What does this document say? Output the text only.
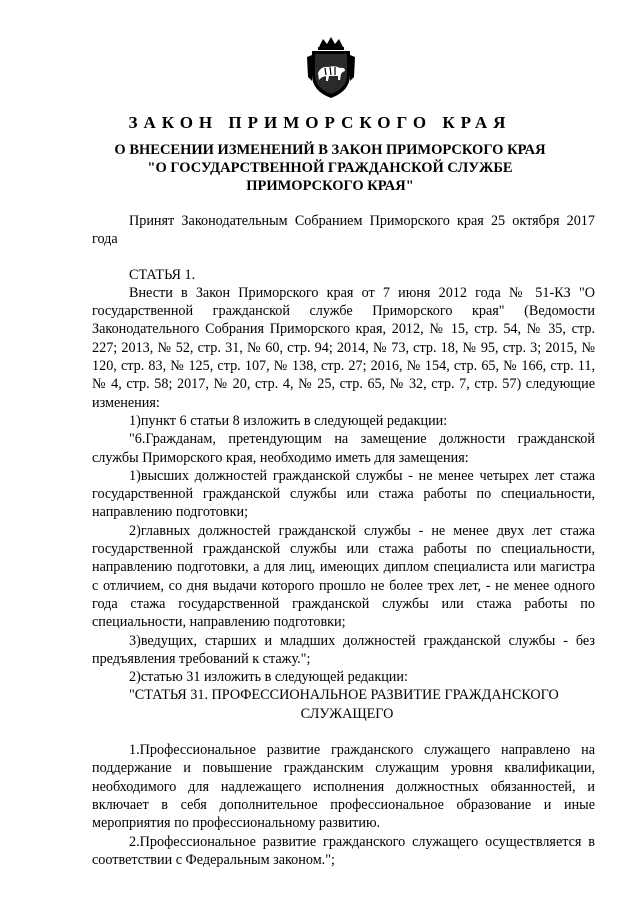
ЗАКОН ПРИМОРСКОГО КРАЯ
О ВНЕСЕНИИ ИЗМЕНЕНИЙ В ЗАКОН ПРИМОРСКОГО КРАЯ
"О ГОСУДАРСТВЕННОЙ ГРАЖДАНСКОЙ СЛУЖБЕ
ПРИМОРСКОГО КРАЯ"

Принят Законодательным Собранием Приморского края 25 октября 2017 года

СТАТЬЯ 1.

Внести в Закон Приморского края от 7 июня 2012 года № 51-КЗ "О государственной гражданской службе Приморского края" (Ведомости Законодательного Собрания Приморского края, 2012, № 15, стр. 54, № 35, стр. 227; 2013, № 52, стр. 31, № 60, стр. 94; 2014, № 73, стр. 18, № 95, стр. 3; 2015, № 120, стр. 83, № 125, стр. 107, № 138, стр. 27; 2016, № 154, стр. 65, № 166, стр. 11, № 4, стр. 58; 2017, № 20, стр. 4, № 25, стр. 65, № 32, стр. 7, стр. 57) следующие изменения:

1)пункт 6 статьи 8 изложить в следующей редакции:

"6.Гражданам, претендующим на замещение должности гражданской службы Приморского края, необходимо иметь для замещения:

1)высших должностей гражданской службы - не менее четырех лет стажа государственной гражданской службы или стажа работы по специальности, направлению подготовки;

2)главных должностей гражданской службы - не менее двух лет стажа государственной гражданской службы или стажа работы по специальности, направлению подготовки, а для лиц, имеющих диплом специалиста или магистра с отличием, со дня выдачи которого прошло не более трех лет, - не менее одного года стажа государственной гражданской службы или стажа работы по специальности, направлению подготовки;

3)ведущих, старших и младших должностей гражданской службы - без предъявления требований к стажу.";

2)статью 31 изложить в следующей редакции:

"СТАТЬЯ 31. ПРОФЕССИОНАЛЬНОЕ РАЗВИТИЕ ГРАЖДАНСКОГО
СЛУЖАЩЕГО

1.Профессиональное развитие гражданского служащего направлено на поддержание и повышение гражданским служащим уровня квалификации, необходимого для надлежащего исполнения должностных обязанностей, и включает в себя дополнительное профессиональное образование и иные мероприятия по профессиональному развитию.

2.Профессиональное развитие гражданского служащего осуществляется в соответствии с Федеральным законом.";
